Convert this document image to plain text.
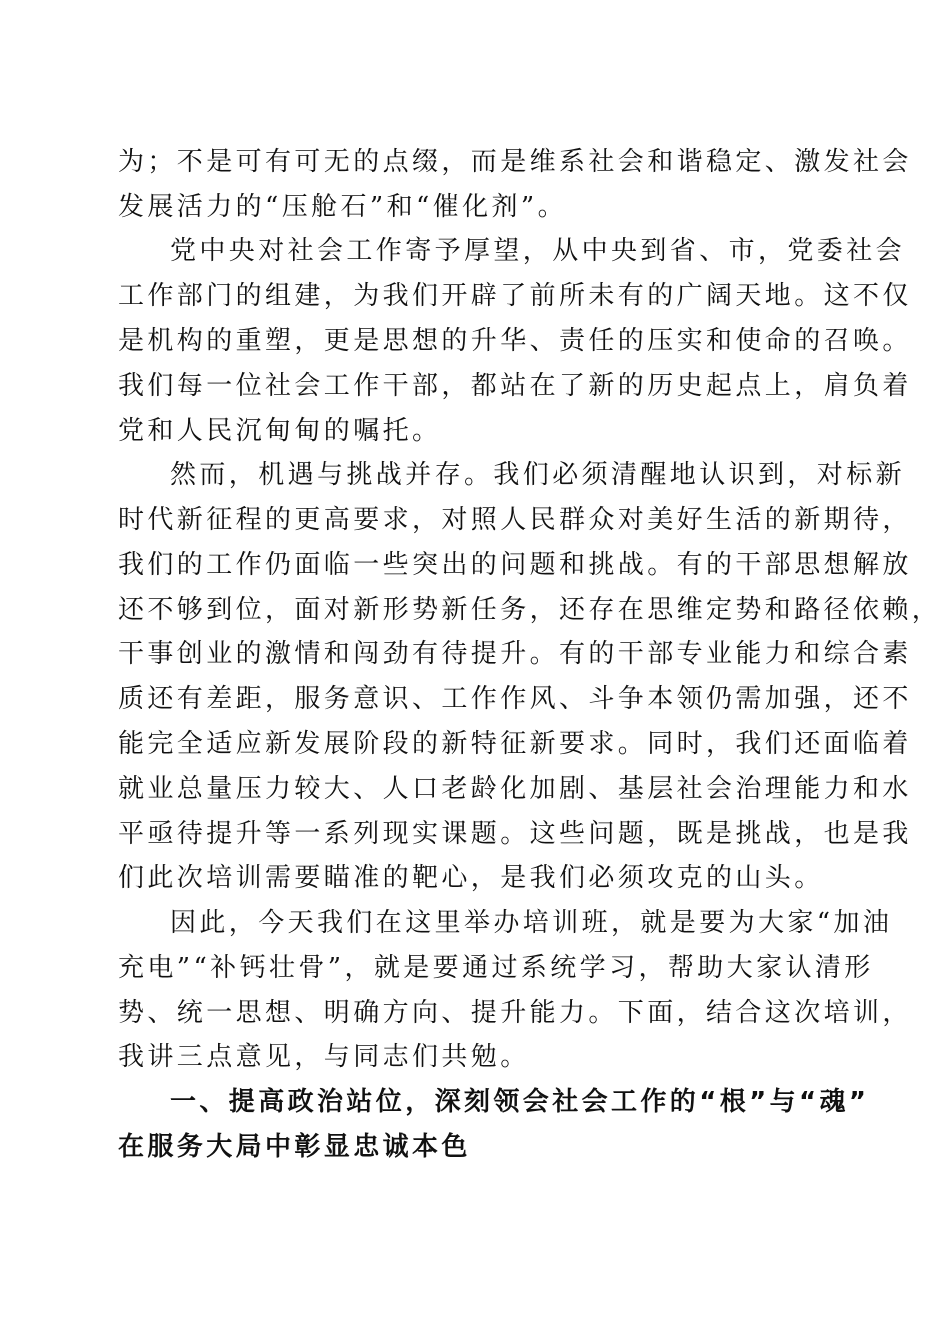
为；不是可有可无的点缀，而是维系社会和谐稳定、激发社会
发展活力的“压舱石”和“催化剂”。
党中央对社会工作寄予厚望，从中央到省、市，党委社会
工作部门的组建，为我们开辟了前所未有的广阔天地。这不仅
是机构的重塑，更是思想的升华、责任的压实和使命的召唤。
我们每一位社会工作干部，都站在了新的历史起点上，肩负着
党和人民沉甸甸的嘱托。
然而，机遇与挑战并存。我们必须清醒地认识到，对标新
时代新征程的更高要求，对照人民群众对美好生活的新期待，
我们的工作仍面临一些突出的问题和挑战。有的干部思想解放
还不够到位，面对新形势新任务，还存在思维定势和路径依赖，
干事创业的激情和闯劲有待提升。有的干部专业能力和综合素
质还有差距，服务意识、工作作风、斗争本领仍需加强，还不
能完全适应新发展阶段的新特征新要求。同时，我们还面临着
就业总量压力较大、人口老龄化加剧、基层社会治理能力和水
平亟待提升等一系列现实课题。这些问题，既是挑战，也是我
们此次培训需要瞄准的靶心，是我们必须攻克的山头。
因此，今天我们在这里举办培训班，就是要为大家“加油
充电”“补钙壮骨”，就是要通过系统学习，帮助大家认清形
势、统一思想、明确方向、提升能力。下面，结合这次培训，
我讲三点意见，与同志们共勉。
一、提高政治站位，深刻领会社会工作的“根”与“魂”
在服务大局中彰显忠诚本色
